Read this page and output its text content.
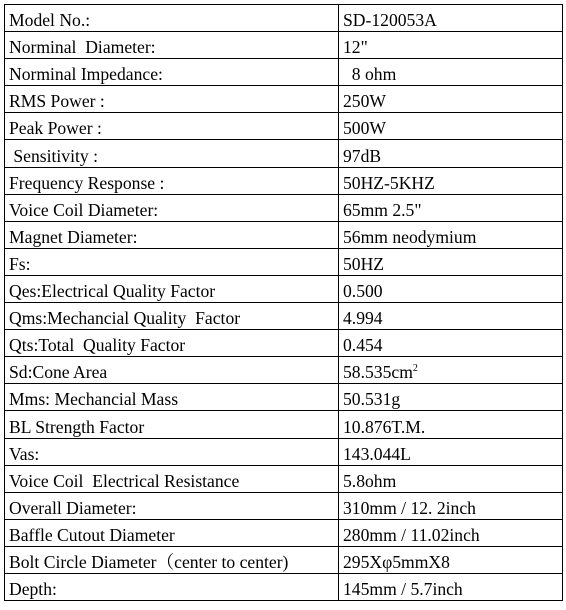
Model No.:	SD-120053A
Norminal  Diameter:	12"
Norminal Impedance:	8 ohm
RMS Power :	250W
Peak Power :	500W
Sensitivity :	97dB
Frequency Response :	50HZ-5KHZ
Voice Coil Diameter:	65mm 2.5"
Magnet Diameter:	56mm neodymium
Fs:	50HZ
Qes:Electrical Quality Factor	0.500
Qms:Mechancial Quality  Factor	4.994
Qts:Total  Quality Factor	0.454
Sd:Cone Area	$58.535cm^2$
Mms: Mechancial Mass	50.531g
BL Strength Factor	10.876T.M.
Vas:	143.044L
Voice Coil  Electrical Resistance	5.8ohm
Overall Diameter:	310mm / 12. 2inch
Baffle Cutout Diameter	280mm / 11.02inch
Bolt Circle Diameter（center to center)	295Xφ5mmX8
Depth:	145mm / 5.7inch
